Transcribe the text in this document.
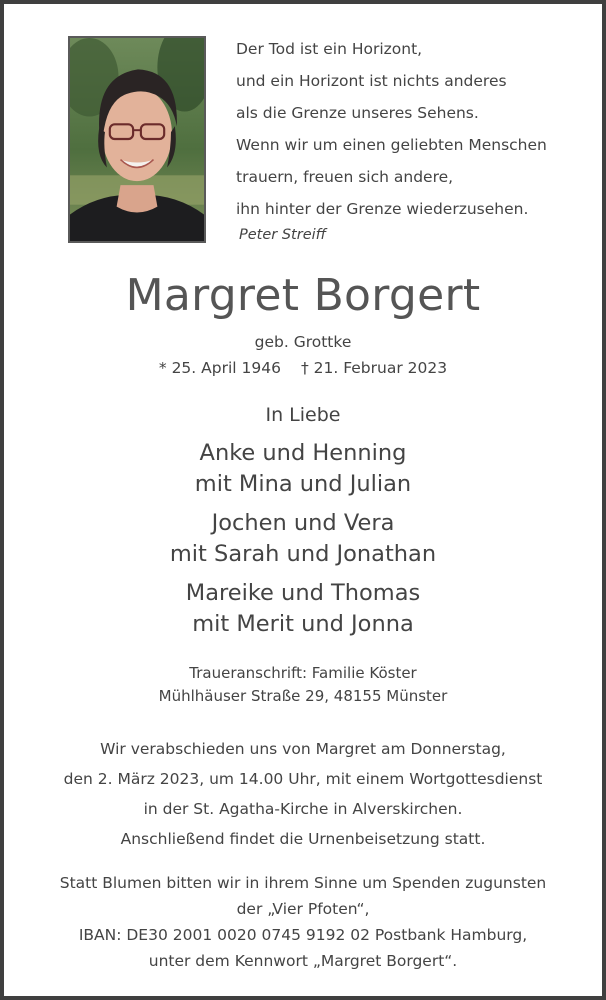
Der Tod ist ein Horizont,
und ein Horizont ist nichts anderes
als die Grenze unseres Sehens.
Wenn wir um einen geliebten Menschen
trauern, freuen sich andere,
ihn hinter der Grenze wiederzusehen.
Peter Streiff
Margret Borgert
geb. Grottke
* 25. April 1946 † 21. Februar 2023
In Liebe
Anke und Henning
mit Mina und Julian
Jochen und Vera
mit Sarah und Jonathan
Mareike und Thomas
mit Merit und Jonna
Traueranschrift: Familie Köster
Mühlhäuser Straße 29, 48155 Münster
Wir verabschieden uns von Margret am Donnerstag,
den 2. März 2023, um 14.00 Uhr, mit einem Wortgottesdienst
in der St. Agatha-Kirche in Alverskirchen.
Anschließend findet die Urnenbeisetzung statt.
Statt Blumen bitten wir in ihrem Sinne um Spenden zugunsten
der „Vier Pfoten“,
IBAN: DE30 2001 0020 0745 9192 02 Postbank Hamburg,
unter dem Kennwort „Margret Borgert“.
